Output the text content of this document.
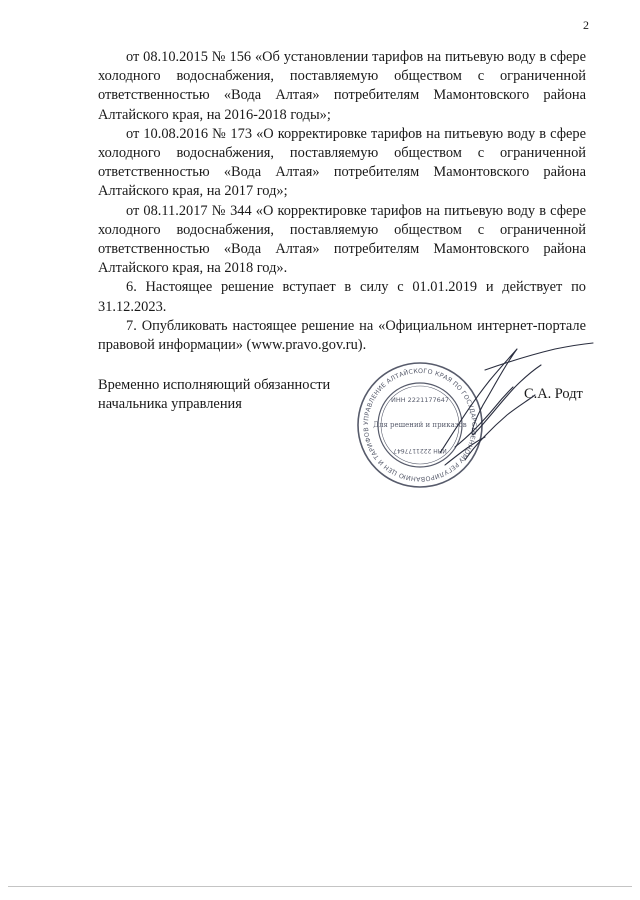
2

от 08.10.2015 № 156 «Об установлении тарифов на питьевую воду в сфере холодного водоснабжения, поставляемую обществом с ограниченной ответственностью «Вода Алтая» потребителям Мамонтовского района Алтайского края, на 2016-2018 годы»;

от 10.08.2016 № 173 «О корректировке тарифов на питьевую воду в сфере холодного водоснабжения, поставляемую обществом с ограниченной ответственностью «Вода Алтая» потребителям Мамонтовского района Алтайского края, на 2017 год»;

от 08.11.2017 № 344 «О корректировке тарифов на питьевую воду в сфере холодного водоснабжения, поставляемую обществом с ограниченной ответственностью «Вода Алтая» потребителям Мамонтовского района Алтайского края, на 2018 год».

6. Настоящее решение вступает в силу с 01.01.2019 и действует по 31.12.2023.

7. Опубликовать настоящее решение на «Официальном интернет-портале правовой информации» (www.pravo.gov.ru).

Временно исполняющий обязанности начальника управления
С.А. Родт
УПРАВЛЕНИЕ АЛТАЙСКОГО КРАЯ ПО ГОСУДАРСТВЕННОМУ РЕГУЛИРОВАНИЮ ЦЕН И ТАРИФОВ
ИНН 2221177647
Для решений и приказов
ИНН 2221177647
